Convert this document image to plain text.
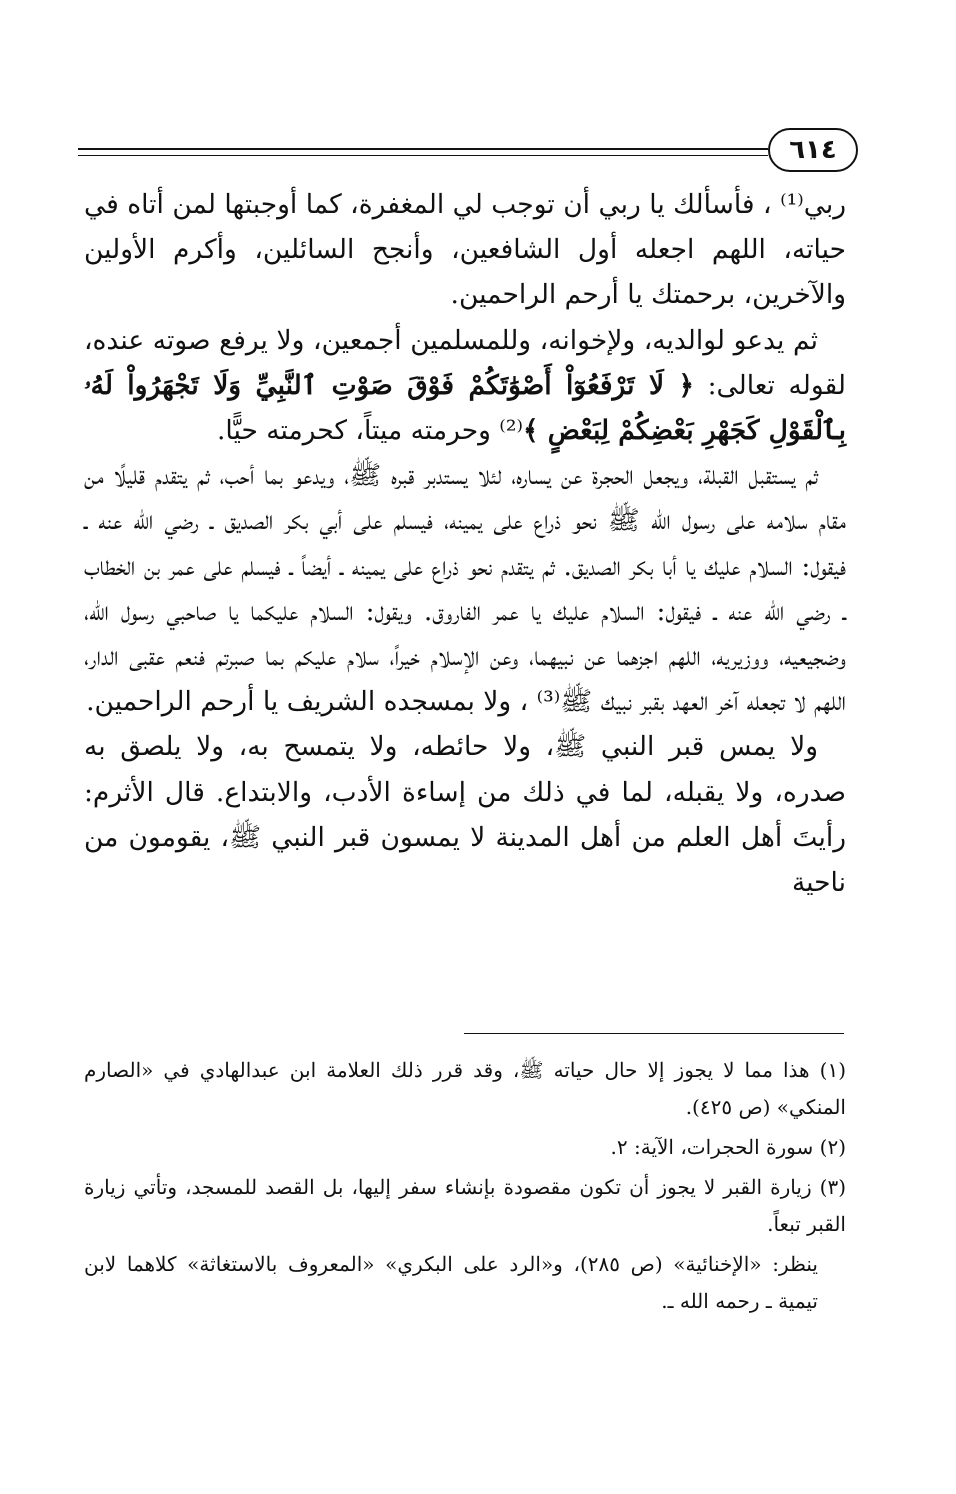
٦١٤

ربي⁽¹⁾ ، فأسألك يا ربي أن توجب لي المغفرة، كما أوجبتها لمن أتاه في حياته، اللهم اجعله أول الشافعين، وأنجح السائلين، وأكرم الأولين والآخرين، برحمتك يا أرحم الراحمين.

ثم يدعو لوالديه، ولإخوانه، وللمسلمين أجمعين، ولا يرفع صوته عنده، لقوله تعالى: ﴿ لَا تَرْفَعُوٓاْ أَصْوَٰتَكُمْ فَوْقَ صَوْتِ ٱلنَّبِيِّ وَلَا تَجْهَرُواْ لَهُۥ بِٱلْقَوْلِ كَجَهْرِ بَعْضِكُمْ لِبَعْضٍ ﴾⁽²⁾ وحرمته ميتاً، كحرمته حيًّا.

ثم يستقبل القبلة، ويجعل الحجرة عن يساره، لئلا يستدبر قبره ﷺ، ويدعو بما أحب، ثم يتقدم قليلًا من مقام سلامه على رسول الله ﷺ نحو ذراع على يمينه، فيسلم على أبي بكر الصديق ـ رضي الله عنه ـ فيقول: السلام عليك يا أبا بكر الصديق. ثم يتقدم نحو ذراع على يمينه ـ أيضاً ـ فيسلم على عمر بن الخطاب ـ رضي الله عنه ـ فيقول: السلام عليك يا عمر الفاروق. ويقول: السلام عليكما يا صاحبي رسول الله، وضجيعيه، ووزيريه، اللهم اجزهما عن نبيهما، وعن الإسلام خيراً، سلام عليكم بما صبرتم فنعم عقبى الدار، اللهم لا تجعله آخر العهد بقبر نبيك ﷺ⁽³⁾ ، ولا بمسجده الشريف يا أرحم الراحمين.

ولا يمس قبر النبي ﷺ، ولا حائطه، ولا يتمسح به، ولا يلصق به صدره، ولا يقبله، لما في ذلك من إساءة الأدب، والابتداع. قال الأثرم: رأيتَ أهل العلم من أهل المدينة لا يمسون قبر النبي ﷺ، يقومون من ناحية

(١) هذا مما لا يجوز إلا حال حياته ﷺ، وقد قرر ذلك العلامة ابن عبدالهادي في «الصارم المنكي» (ص ٤٢٥).

(٢) سورة الحجرات، الآية: ٢.

(٣) زيارة القبر لا يجوز أن تكون مقصودة بإنشاء سفر إليها، بل القصد للمسجد، وتأتي زيارة القبر تبعاً.

ينظر: «الإخنائية» (ص ٢٨٥)، و«الرد على البكري» «المعروف بالاستغاثة» كلاهما لابن تيمية ـ رحمه الله ـ.
